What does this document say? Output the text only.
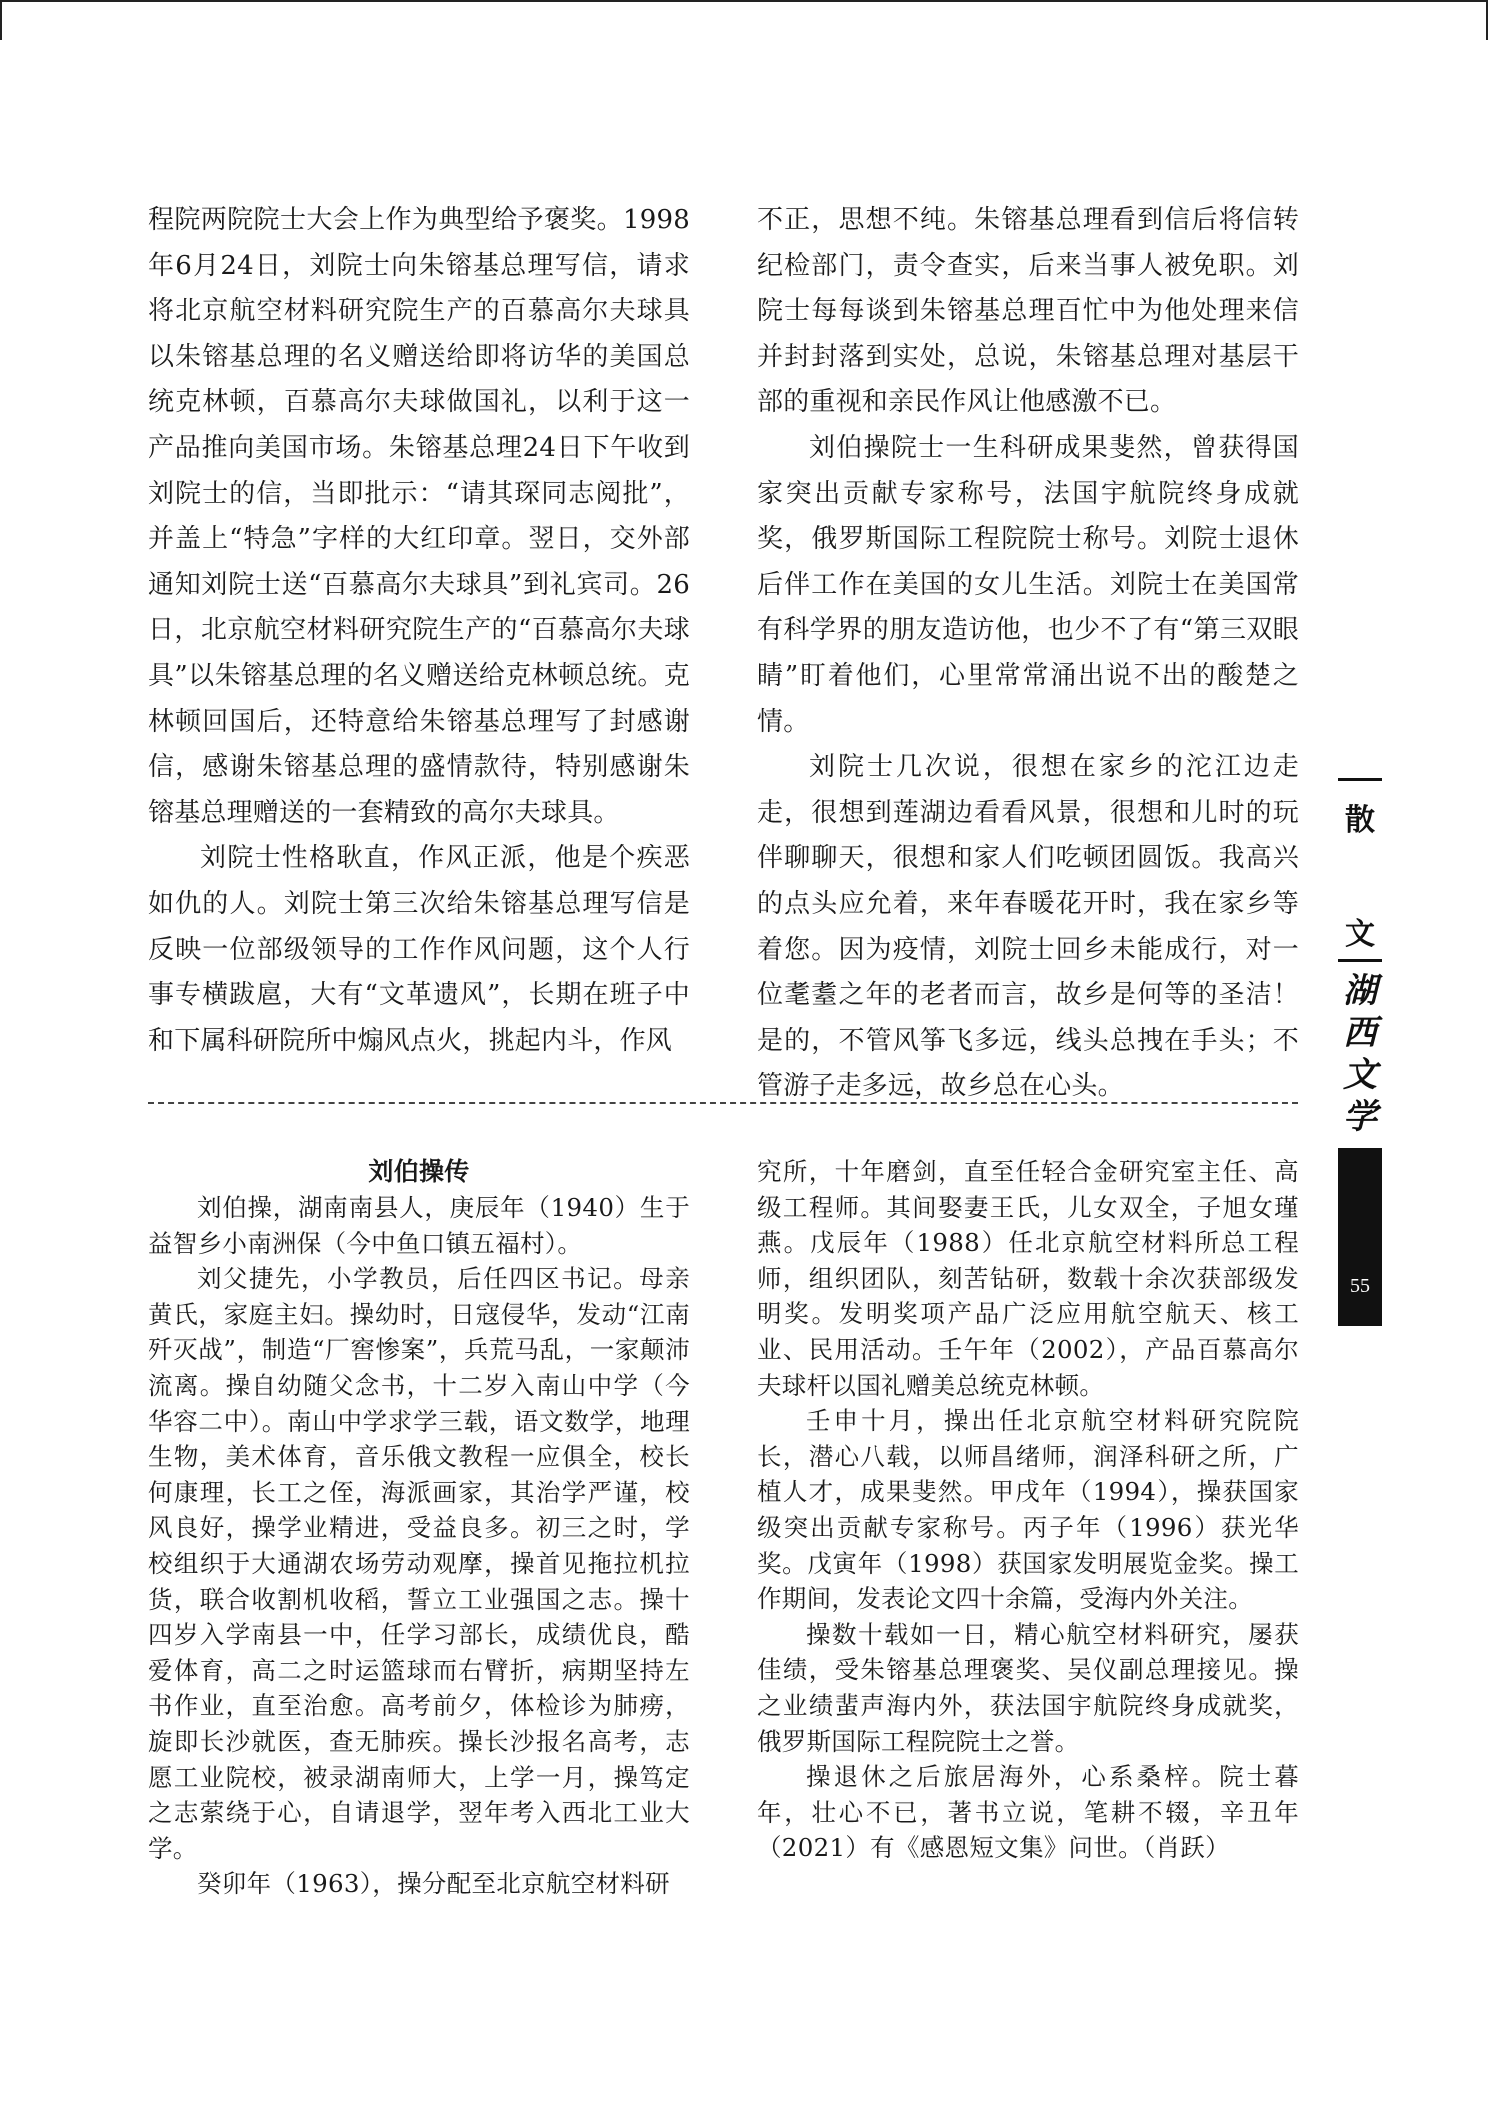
程院两院院士大会上作为典型给予褒奖。1998年6月24日，刘院士向朱镕基总理写信，请求将北京航空材料研究院生产的百慕高尔夫球具以朱镕基总理的名义赠送给即将访华的美国总统克林顿，百慕高尔夫球做国礼，以利于这一产品推向美国市场。朱镕基总理24日下午收到刘院士的信，当即批示：“请其琛同志阅批”，并盖上“特急”字样的大红印章。翌日，交外部通知刘院士送“百慕高尔夫球具”到礼宾司。26日，北京航空材料研究院生产的“百慕高尔夫球具”以朱镕基总理的名义赠送给克林顿总统。克林顿回国后，还特意给朱镕基总理写了封感谢信，感谢朱镕基总理的盛情款待，特别感谢朱镕基总理赠送的一套精致的高尔夫球具。

刘院士性格耿直，作风正派，他是个疾恶如仇的人。刘院士第三次给朱镕基总理写信是反映一位部级领导的工作作风问题，这个人行事专横跋扈，大有“文革遗风”，长期在班子中和下属科研院所中煽风点火，挑起内斗，作风

不正，思想不纯。朱镕基总理看到信后将信转纪检部门，责令查实，后来当事人被免职。刘院士每每谈到朱镕基总理百忙中为他处理来信并封封落到实处，总说，朱镕基总理对基层干部的重视和亲民作风让他感激不已。

刘伯操院士一生科研成果斐然，曾获得国家突出贡献专家称号，法国宇航院终身成就奖，俄罗斯国际工程院院士称号。刘院士退休后伴工作在美国的女儿生活。刘院士在美国常有科学界的朋友造访他，也少不了有“第三双眼睛”盯着他们，心里常常涌出说不出的酸楚之情。

刘院士几次说，很想在家乡的沱江边走走，很想到莲湖边看看风景，很想和儿时的玩伴聊聊天，很想和家人们吃顿团圆饭。我高兴的点头应允着，来年春暖花开时，我在家乡等着您。因为疫情，刘院士回乡未能成行，对一位耄耋之年的老者而言，故乡是何等的圣洁！是的，不管风筝飞多远，线头总拽在手头；不管游子走多远，故乡总在心头。

刘伯操传

刘伯操，湖南南县人，庚辰年（1940）生于益智乡小南洲保（今中鱼口镇五福村）。

刘父捷先，小学教员，后任四区书记。母亲黄氏，家庭主妇。操幼时，日寇侵华，发动“江南歼灭战”，制造“厂窖惨案”，兵荒马乱，一家颠沛流离。操自幼随父念书，十二岁入南山中学（今华容二中）。南山中学求学三载，语文数学，地理生物，美术体育，音乐俄文教程一应俱全，校长何康理，长工之侄，海派画家，其治学严谨，校风良好，操学业精进，受益良多。初三之时，学校组织于大通湖农场劳动观摩，操首见拖拉机拉货，联合收割机收稻，誓立工业强国之志。操十四岁入学南县一中，任学习部长，成绩优良，酷爱体育，高二之时运篮球而右臂折，病期坚持左书作业，直至治愈。高考前夕，体检诊为肺痨，旋即长沙就医，查无肺疾。操长沙报名高考，志愿工业院校，被录湖南师大，上学一月，操笃定之志萦绕于心，自请退学，翌年考入西北工业大学。

癸卯年（1963），操分配至北京航空材料研

究所，十年磨剑，直至任轻合金研究室主任、高级工程师。其间娶妻王氏，儿女双全，子旭女瑾燕。戊辰年（1988）任北京航空材料所总工程师，组织团队，刻苦钻研，数载十余次获部级发明奖。发明奖项产品广泛应用航空航天、核工业、民用活动。壬午年（2002），产品百慕高尔夫球杆以国礼赠美总统克林顿。

壬申十月，操出任北京航空材料研究院院长，潜心八载，以师昌绪师，润泽科研之所，广植人才，成果斐然。甲戌年（1994），操获国家级突出贡献专家称号。丙子年（1996）获光华奖。戊寅年（1998）获国家发明展览金奖。操工作期间，发表论文四十余篇，受海内外关注。

操数十载如一日，精心航空材料研究，屡获佳绩，受朱镕基总理褒奖、吴仪副总理接见。操之业绩蜚声海内外，获法国宇航院终身成就奖，俄罗斯国际工程院院士之誉。

操退休之后旅居海外，心系桑梓。院士暮年，壮心不已，著书立说，笔耕不辍，辛丑年（2021）有《感恩短文集》问世。（肖跃）

散
文
湖西文学
55
